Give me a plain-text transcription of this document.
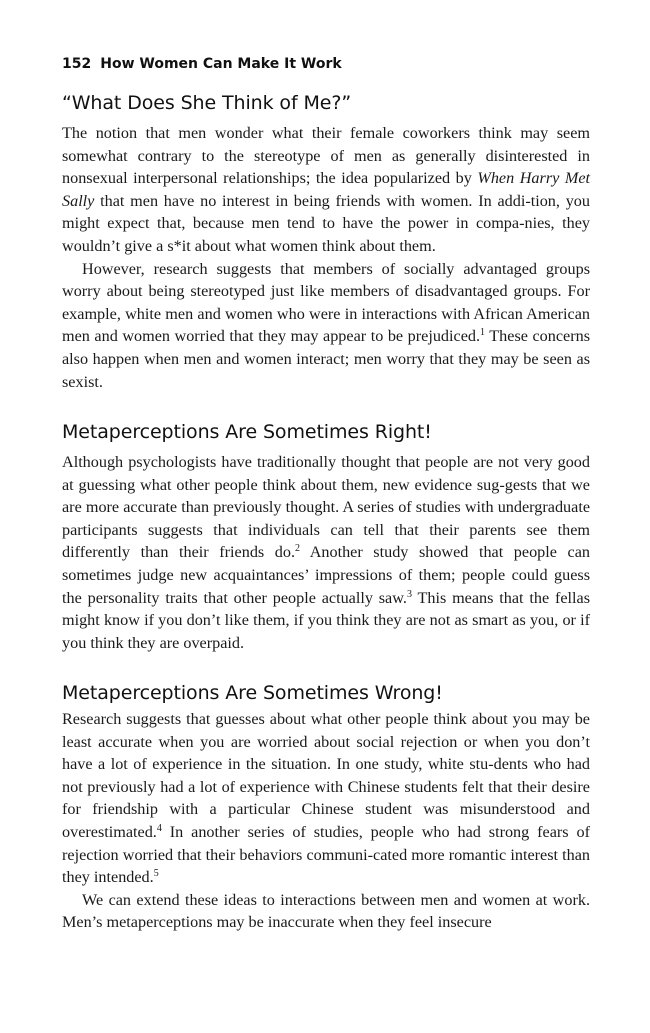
152 How Women Can Make It Work
“What Does She Think of Me?”

The notion that men wonder what their female coworkers think may seem somewhat contrary to the stereotype of men as generally disinterested in nonsexual interpersonal relationships; the idea popularized by When Harry Met Sally that men have no interest in being friends with women. In addi-tion, you might expect that, because men tend to have the power in compa-nies, they wouldn’t give a s*it about what women think about them.

However, research suggests that members of socially advantaged groups worry about being stereotyped just like members of disadvantaged groups. For example, white men and women who were in interactions with African American men and women worried that they may appear to be prejudiced.$^1$ These concerns also happen when men and women interact; men worry that they may be seen as sexist.

Metaperceptions Are Sometimes Right!

Although psychologists have traditionally thought that people are not very good at guessing what other people think about them, new evidence sug-gests that we are more accurate than previously thought. A series of studies with undergraduate participants suggests that individuals can tell that their parents see them differently than their friends do.$^2$ Another study showed that people can sometimes judge new acquaintances’ impressions of them; people could guess the personality traits that other people actually saw.$^3$ This means that the fellas might know if you don’t like them, if you think they are not as smart as you, or if you think they are overpaid.

Metaperceptions Are Sometimes Wrong!

Research suggests that guesses about what other people think about you may be least accurate when you are worried about social rejection or when you don’t have a lot of experience in the situation. In one study, white stu-dents who had not previously had a lot of experience with Chinese students felt that their desire for friendship with a particular Chinese student was misunderstood and overestimated.$^4$ In another series of studies, people who had strong fears of rejection worried that their behaviors communi-cated more romantic interest than they intended.$^5$

We can extend these ideas to interactions between men and women at work. Men’s metaperceptions may be inaccurate when they feel insecure
